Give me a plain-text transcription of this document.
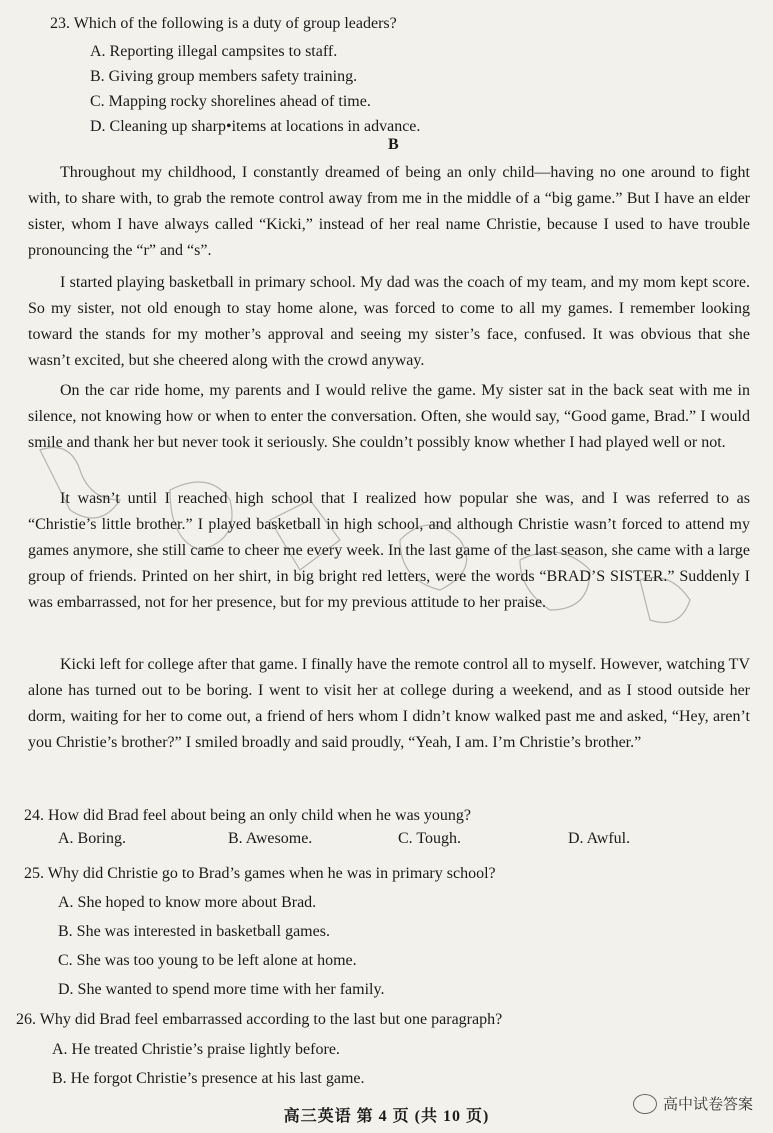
23. Which of the following is a duty of group leaders?
A. Reporting illegal campsites to staff.
B. Giving group members safety training.
C. Mapping rocky shorelines ahead of time.
D. Cleaning up sharp•items at locations in advance.
B
Throughout my childhood, I constantly dreamed of being an only child—having no one around to fight with, to share with, to grab the remote control away from me in the middle of a “big game.” But I have an elder sister, whom I have always called “Kicki,” instead of her real name Christie, because I used to have trouble pronouncing the “r” and “s”.
I started playing basketball in primary school. My dad was the coach of my team, and my mom kept score. So my sister, not old enough to stay home alone, was forced to come to all my games. I remember looking toward the stands for my mother’s approval and seeing my sister’s face, confused. It was obvious that she wasn’t excited, but she cheered along with the crowd anyway.
On the car ride home, my parents and I would relive the game. My sister sat in the back seat with me in silence, not knowing how or when to enter the conversation. Often, she would say, “Good game, Brad.” I would smile and thank her but never took it seriously. She couldn’t possibly know whether I had played well or not.
It wasn’t until I reached high school that I realized how popular she was, and I was referred to as “Christie’s little brother.” I played basketball in high school, and although Christie wasn’t forced to attend my games anymore, she still came to cheer me every week. In the last game of the last season, she came with a large group of friends. Printed on her shirt, in big bright red letters, were the words “BRAD’S SISTER.” Suddenly I was embarrassed, not for her presence, but for my previous attitude to her praise.
Kicki left for college after that game. I finally have the remote control all to myself. However, watching TV alone has turned out to be boring. I went to visit her at college during a weekend, and as I stood outside her dorm, waiting for her to come out, a friend of hers whom I didn’t know walked past me and asked, “Hey, aren’t you Christie’s brother?” I smiled broadly and said proudly, “Yeah, I am. I’m Christie’s brother.”
24. How did Brad feel about being an only child when he was young?
A. Boring.	B. Awesome.	C. Tough.	D. Awful.
25. Why did Christie go to Brad’s games when he was in primary school?
A. She hoped to know more about Brad.
B. She was interested in basketball games.
C. She was too young to be left alone at home.
D. She wanted to spend more time with her family.
26. Why did Brad feel embarrassed according to the last but one paragraph?
A. He treated Christie’s praise lightly before.
B. He forgot Christie’s presence at his last game.
高三英语 第 4 页 (共 10 页)
高中试卷答案
